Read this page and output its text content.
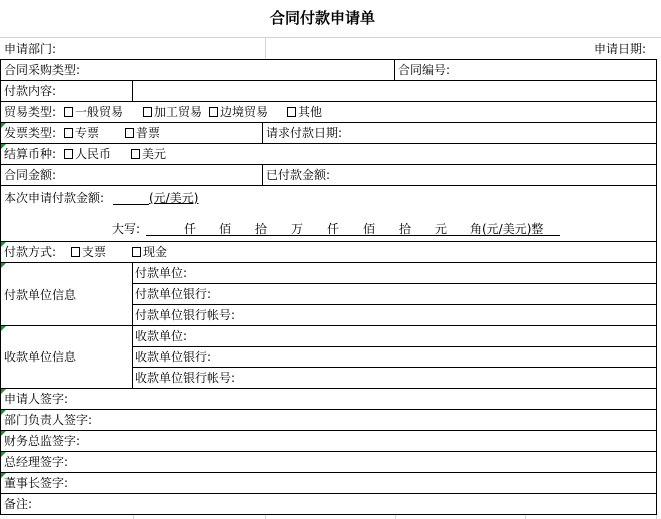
合同付款申请单
申请部门:	申请日期:
合同采购类型:	合同编号:
付款内容:
贸易类型:	一般贸易	加工贸易	边境贸易	其他
发票类型:	专票	普票	请求付款日期:
结算币种:	人民币	美元
合同金额:	已付款金额:
本次申请付款金额:	(元/美元)
大写:	仟 佰 拾 万 仟 佰 拾 元 角(元/美元)整
付款方式:	支票	现金
付款单位信息
付款单位:
付款单位银行:
付款单位银行帐号:
收款单位信息
收款单位:
收款单位银行:
收款单位银行帐号:
申请人签字:
部门负责人签字:
财务总监签字:
总经理签字:
董事长签字:
备注:
